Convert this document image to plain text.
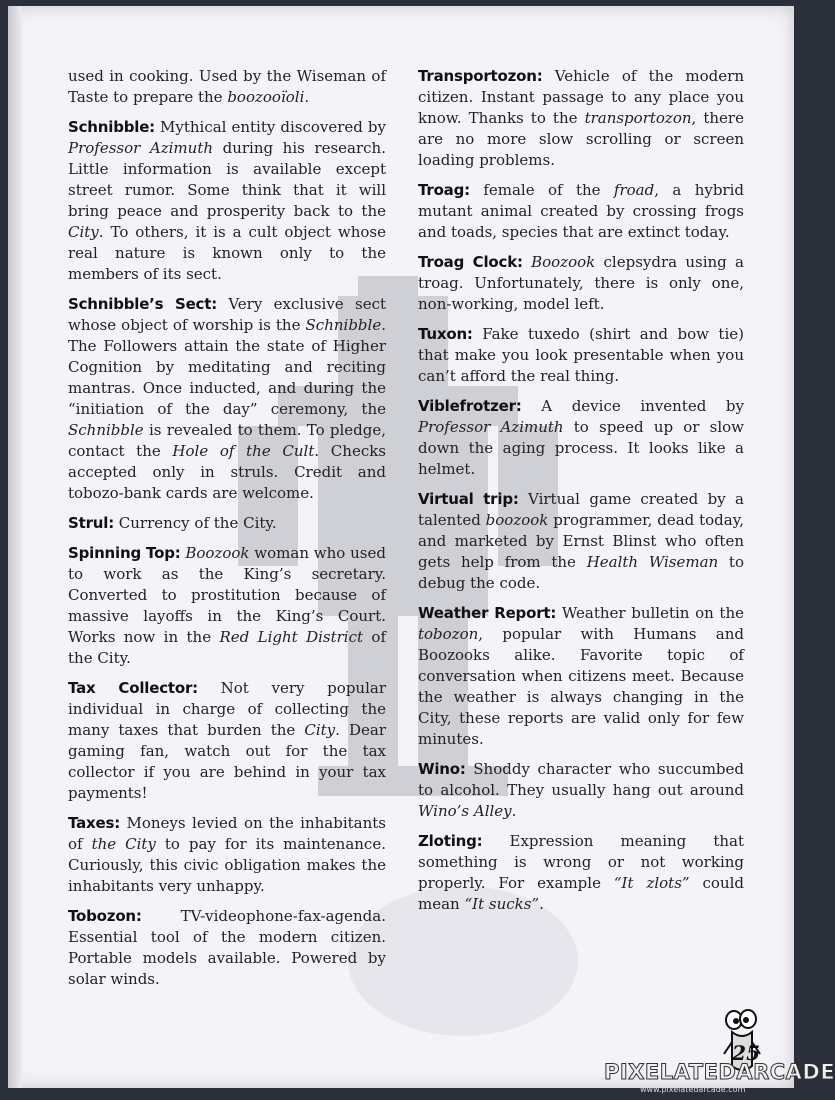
used in cooking. Used by the Wiseman of Taste to prepare the boozooïoli.

Schnibble: Mythical entity discovered by Professor Azimuth during his research. Little information is available except street rumor. Some think that it will bring peace and prosperity back to the City. To others, it is a cult object whose real nature is known only to the members of its sect.

Schnibble’s Sect: Very exclusive sect whose object of worship is the Schnibble. The Followers attain the state of Higher Cognition by meditating and reciting mantras. Once inducted, and during the “initiation of the day” ceremony, the Schnibble is revealed to them. To pledge, contact the Hole of the Cult. Checks accepted only in struls. Credit and tobozo-bank cards are welcome.

Strul: Currency of the City.

Spinning Top: Boozook woman who used to work as the King’s secretary. Converted to prostitution because of massive layoffs in the King’s Court. Works now in the Red Light District of the City.

Tax Collector: Not very popular individual in charge of collecting the many taxes that burden the City. Dear gaming fan, watch out for the tax collector if you are behind in your tax payments!

Taxes: Moneys levied on the inhabitants of the City to pay for its maintenance. Curiously, this civic obligation makes the inhabitants very unhappy.

Tobozon: TV-videophone-fax-agenda. Essential tool of the modern citizen. Portable models available. Powered by solar winds.

Transportozon: Vehicle of the modern citizen. Instant passage to any place you know. Thanks to the transportozon, there are no more slow scrolling or screen loading problems.

Troag: female of the froad, a hybrid mutant animal created by crossing frogs and toads, species that are extinct today.

Troag Clock: Boozook clepsydra using a troag. Unfortunately, there is only one, non-working, model left.

Tuxon: Fake tuxedo (shirt and bow tie) that make you look presentable when you can’t afford the real thing.

Viblefrotzer: A device invented by Professor Azimuth to speed up or slow down the aging process. It looks like a helmet.

Virtual trip: Virtual game created by a talented boozook programmer, dead today, and marketed by Ernst Blinst who often gets help from the Health Wiseman to debug the code.

Weather Report: Weather bulletin on the tobozon, popular with Humans and Boozooks alike. Favorite topic of conversation when citizens meet. Because the weather is always changing in the City, these reports are valid only for few minutes.

Wino: Shoddy character who succumbed to alcohol. They usually hang out around Wino’s Alley.

Zloting: Expression meaning that something is wrong or not working properly. For example “It zlots” could mean “It sucks”.

25
PIXELATEDARCADE
www.pixelatedarcade.com
